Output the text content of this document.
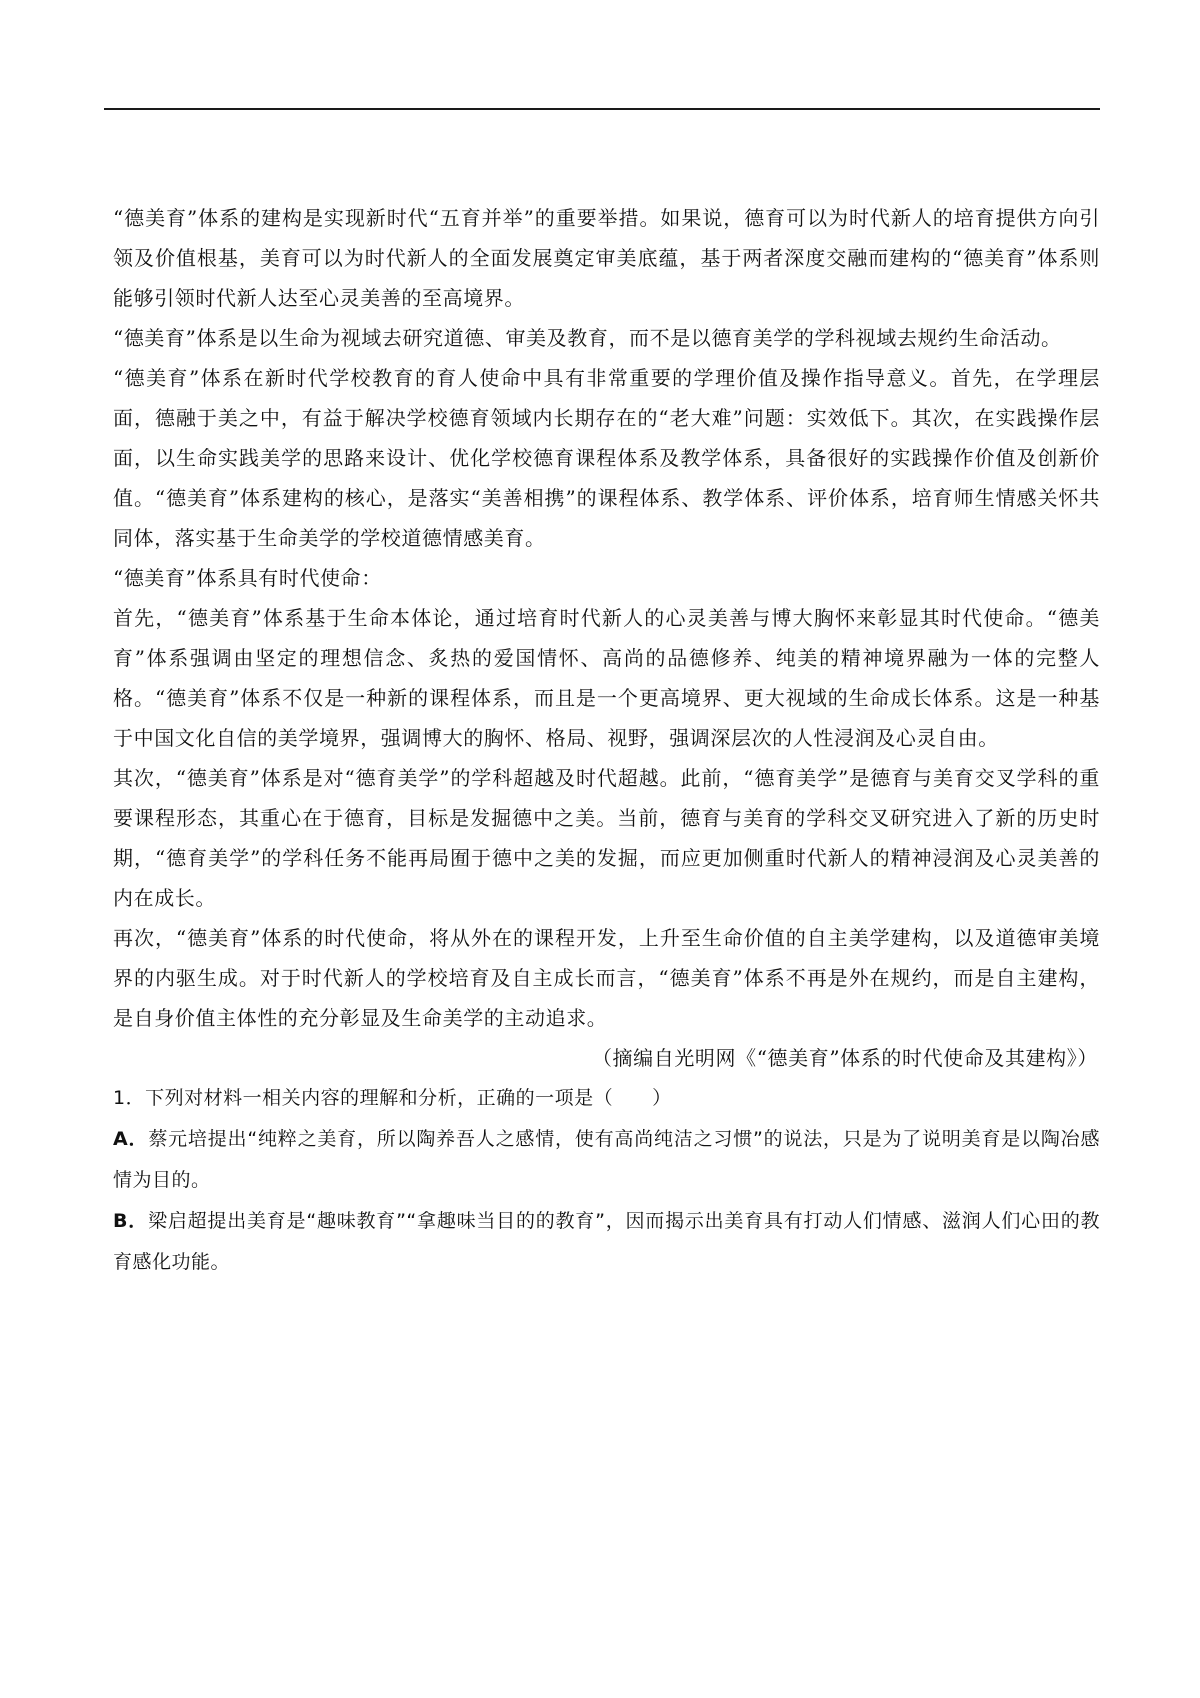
“德美育”体系的建构是实现新时代“五育并举”的重要举措。如果说，德育可以为时代新人的培育提供方向引领及价值根基，美育可以为时代新人的全面发展奠定审美底蕴，基于两者深度交融而建构的“德美育”体系则能够引领时代新人达至心灵美善的至高境界。

“德美育”体系是以生命为视域去研究道德、审美及教育，而不是以德育美学的学科视域去规约生命活动。

“德美育”体系在新时代学校教育的育人使命中具有非常重要的学理价值及操作指导意义。首先，在学理层面，德融于美之中，有益于解决学校德育领域内长期存在的“老大难”问题：实效低下。其次，在实践操作层面，以生命实践美学的思路来设计、优化学校德育课程体系及教学体系，具备很好的实践操作价值及创新价值。“德美育”体系建构的核心，是落实“美善相携”的课程体系、教学体系、评价体系，培育师生情感关怀共同体，落实基于生命美学的学校道德情感美育。

“德美育”体系具有时代使命：

首先，“德美育”体系基于生命本体论，通过培育时代新人的心灵美善与博大胸怀来彰显其时代使命。“德美育”体系强调由坚定的理想信念、炙热的爱国情怀、高尚的品德修养、纯美的精神境界融为一体的完整人格。“德美育”体系不仅是一种新的课程体系，而且是一个更高境界、更大视域的生命成长体系。这是一种基于中国文化自信的美学境界，强调博大的胸怀、格局、视野，强调深层次的人性浸润及心灵自由。

其次，“德美育”体系是对“德育美学”的学科超越及时代超越。此前，“德育美学”是德育与美育交叉学科的重要课程形态，其重心在于德育，目标是发掘德中之美。当前，德育与美育的学科交叉研究进入了新的历史时期，“德育美学”的学科任务不能再局囿于德中之美的发掘，而应更加侧重时代新人的精神浸润及心灵美善的内在成长。

再次，“德美育”体系的时代使命，将从外在的课程开发，上升至生命价值的自主美学建构，以及道德审美境界的内驱生成。对于时代新人的学校培育及自主成长而言，“德美育”体系不再是外在规约，而是自主建构，是自身价值主体性的充分彰显及生命美学的主动追求。

（摘编自光明网《“德美育”体系的时代使命及其建构》）

1．下列对材料一相关内容的理解和分析，正确的一项是（　　）

A．蔡元培提出“纯粹之美育，所以陶养吾人之感情，使有高尚纯洁之习惯”的说法，只是为了说明美育是以陶冶感情为目的。

B．梁启超提出美育是“趣味教育”“拿趣味当目的的教育”，因而揭示出美育具有打动人们情感、滋润人们心田的教育感化功能。
